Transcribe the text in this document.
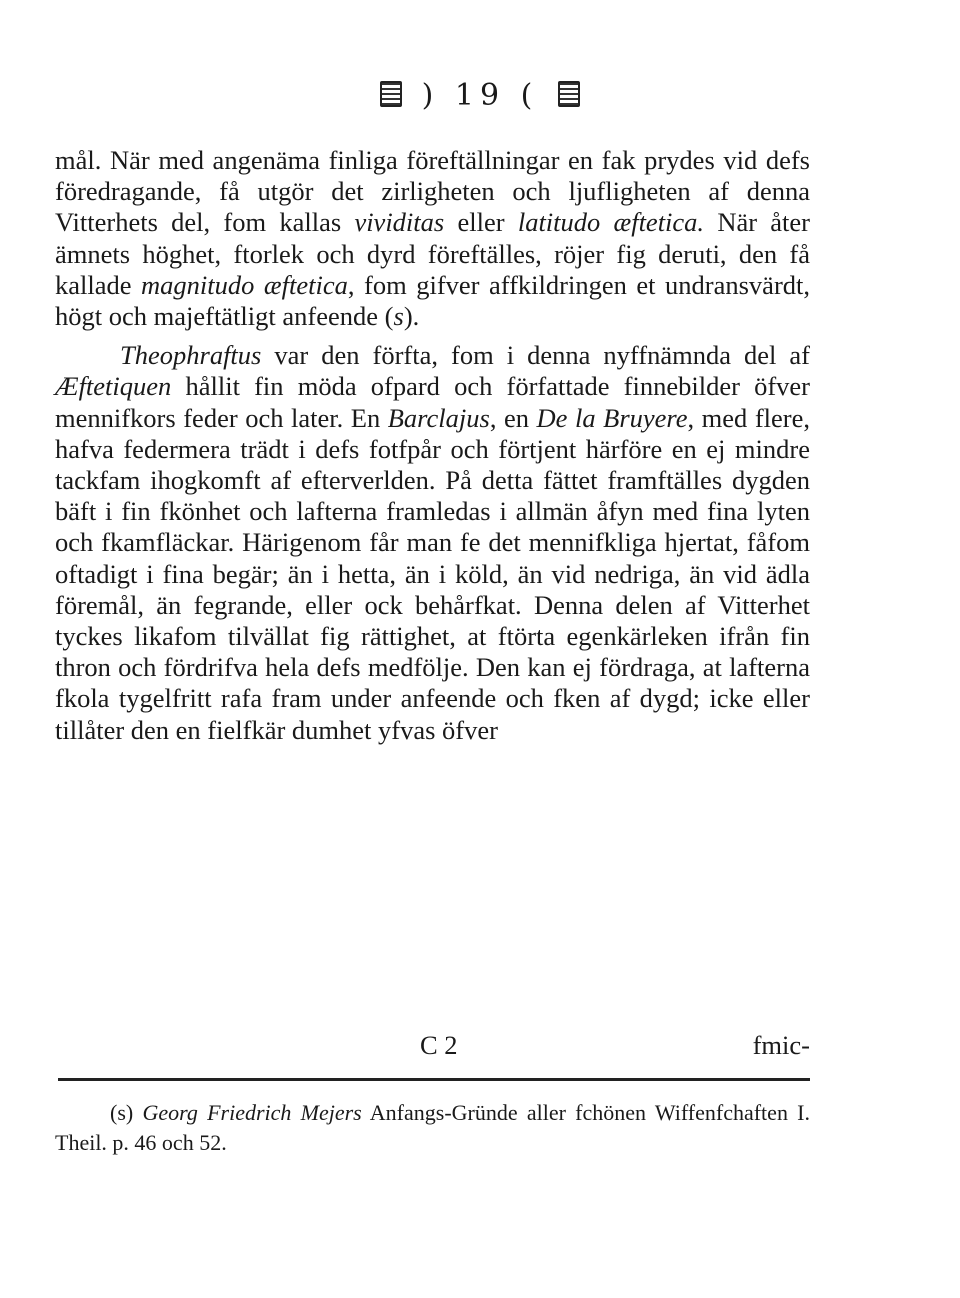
) 19 (

mål. När med angenäma finliga föreftällningar en fak prydes vid defs föredragande, få utgör det zirligheten och ljufligheten af denna Vitterhets del, fom kallas vividitas eller latitudo æftetica. När åter ämnets höghet, ftorlek och dyrd föreftälles, röjer fig deruti, den få kallade magnitudo æftetica, fom gifver affkildringen et undransvärdt, högt och majeftätligt anfeende (s).

Theophraftus var den förfta, fom i denna nyffnämnda del af Æftetiquen hållit fin möda ofpard och författade finnebilder öfver mennifkors feder och later. En Barclajus, en De la Bruyere, med flere, hafva federmera trädt i defs fotfpår och förtjent härföre en ej mindre tackfam ihogkomft af efterverlden. På detta fättet framftälles dygden bäft i fin fkönhet och lafterna framledas i allmän åfyn med fina lyten och fkamfläckar. Härigenom får man fe det mennifkliga hjertat, fåfom oftadigt i fina begär; än i hetta, än i köld, än vid nedriga, än vid ädla föremål, än fegrande, eller ock behårfkat. Denna delen af Vitterhet tyckes likafom tilvällat fig rättighet, at ftörta egenkärleken ifrån fin thron och fördrifva hela defs medfölje. Den kan ej fördraga, at lafterna fkola tygelfritt rafa fram under anfeende och fken af dygd; icke eller tillåter den en fielfkär dumhet yfvas öfver

C 2	fmic-

(s) Georg Friedrich Mejers Anfangs-Gründe aller fchönen Wiffenfchaften I. Theil. p. 46 och 52.
